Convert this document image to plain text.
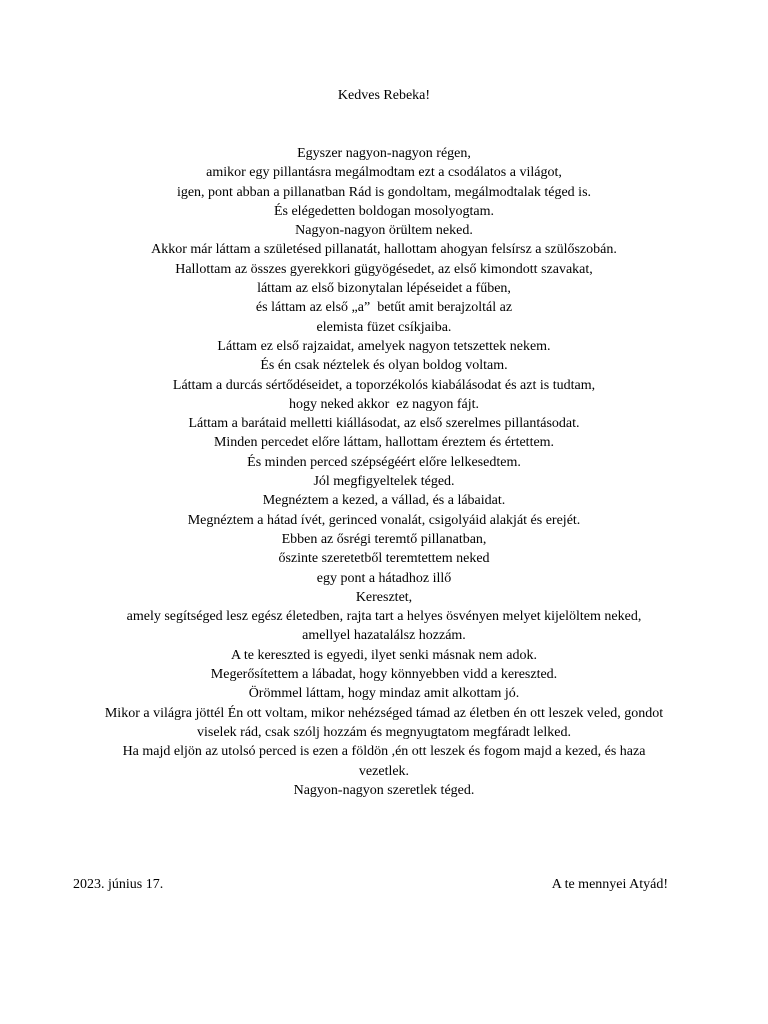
Kedves Rebeka!
Egyszer nagyon-nagyon régen,
amikor egy pillantásra megálmodtam ezt a csodálatos a világot,
igen, pont abban a pillanatban Rád is gondoltam, megálmodtalak téged is.
És elégedetten boldogan mosolyogtam.
Nagyon-nagyon örültem neked.
Akkor már láttam a születésed pillanatát, hallottam ahogyan felsírsz a szülőszobán.
Hallottam az összes gyerekkori gügyögésedet, az első kimondott szavakat,
láttam az első bizonytalan lépéseidet a fűben,
és láttam az első „a”  betűt amit berajzoltál az
elemista füzet csíkjaiba.
Láttam ez első rajzaidat, amelyek nagyon tetszettek nekem.
És én csak néztelek és olyan boldog voltam.
Láttam a durcás sértődéseidet, a toporzékolós kiabálásodat és azt is tudtam,
hogy neked akkor  ez nagyon fájt.
Láttam a barátaid melletti kiállásodat, az első szerelmes pillantásodat.
Minden percedet előre láttam, hallottam éreztem és értettem.
És minden perced szépségéért előre lelkesedtem.
Jól megfigyeltelek téged.
Megnéztem a kezed, a vállad, és a lábaidat.
Megnéztem a hátad ívét, gerinced vonalát, csigolyáid alakját és erejét.
Ebben az ősrégi teremtő pillanatban,
őszinte szeretetből teremtettem neked
egy pont a hátadhoz illő
Keresztet,
amely segítséged lesz egész életedben, rajta tart a helyes ösvényen melyet kijelöltem neked,
amellyel hazatalálsz hozzám.
A te kereszted is egyedi, ilyet senki másnak nem adok.
Megerősítettem a lábadat, hogy könnyebben vidd a kereszted.
Örömmel láttam, hogy mindaz amit alkottam jó.
Mikor a világra jöttél Én ott voltam, mikor nehézséged támad az életben én ott leszek veled, gondot
viselek rád, csak szólj hozzám és megnyugtatom megfáradt lelked.
Ha majd eljön az utolsó perced is ezen a földön ,én ott leszek és fogom majd a kezed, és haza
vezetlek.
Nagyon-nagyon szeretlek téged.
2023. június 17.	A te mennyei Atyád!
